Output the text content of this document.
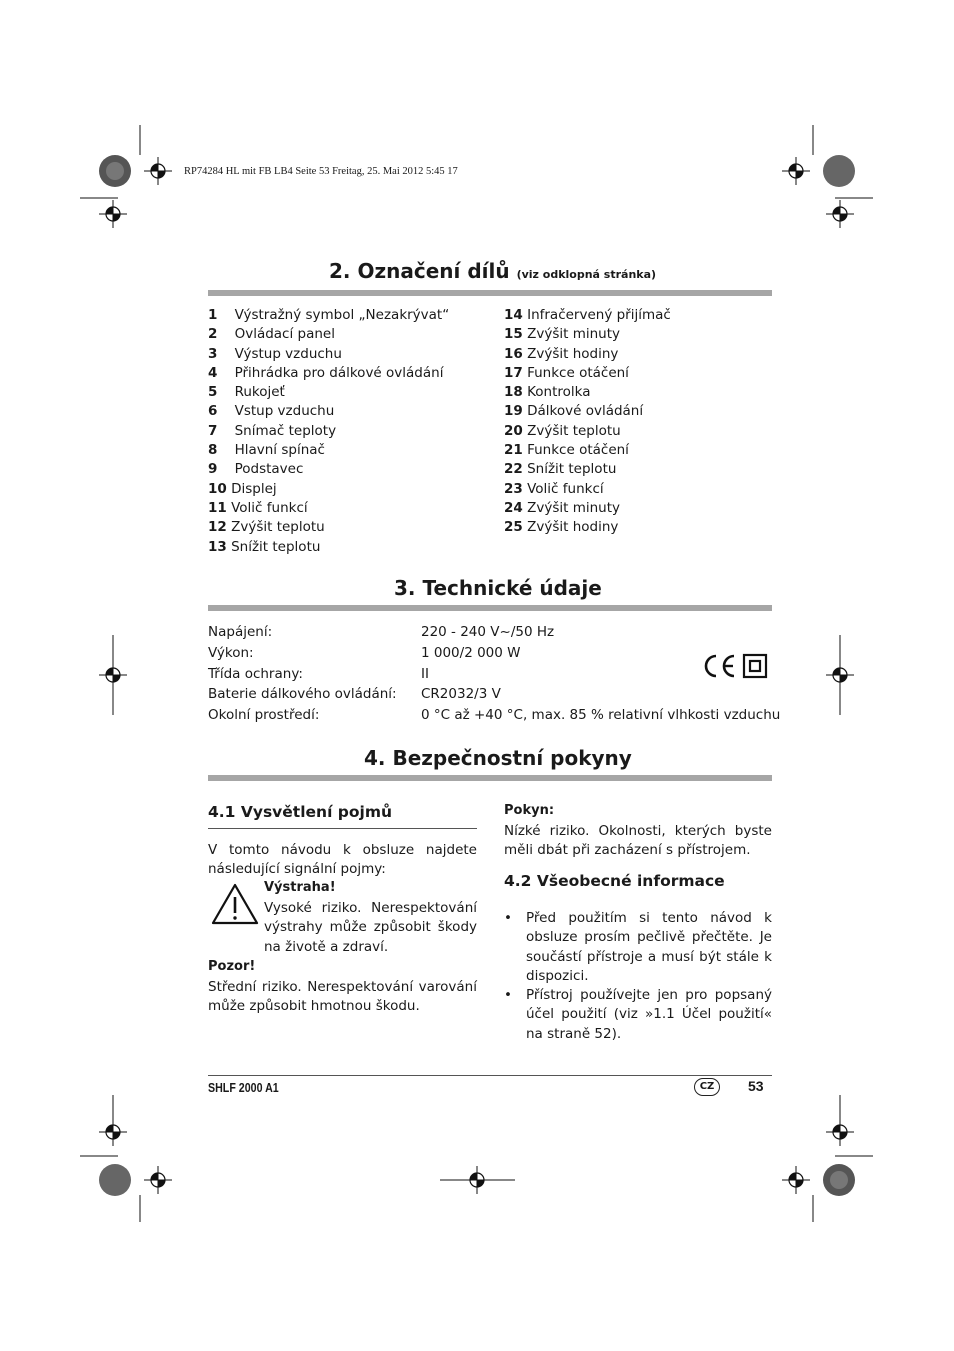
RP74284 HL mit FB LB4 Seite 53 Freitag, 25. Mai 2012 5:45 17
2. Označení dílů (viz odklopná stránka)
1 Výstražný symbol „Nezakrývat“
2 Ovládací panel
3 Výstup vzduchu
4 Přihrádka pro dálkové ovládání
5 Rukojeť
6 Vstup vzduchu
7 Snímač teploty
8 Hlavní spínač
9 Podstavec
10 Displej
11 Volič funkcí
12 Zvýšit teplotu
13 Snížit teplotu
14 Infračervený přijímač
15 Zvýšit minuty
16 Zvýšit hodiny
17 Funkce otáčení
18 Kontrolka
19 Dálkové ovládání
20 Zvýšit teplotu
21 Funkce otáčení
22 Snížit teplotu
23 Volič funkcí
24 Zvýšit minuty
25 Zvýšit hodiny
3. Technické údaje
Napájení:	220 - 240 V~/50 Hz
Výkon:	1 000/2 000 W
Třída ochrany:	II
Baterie dálkového ovládání: CR2032/3 V
Okolní prostředí:	0 °C až +40 °C, max. 85 % relativní vlhkosti vzduchu
4. Bezpečnostní pokyny
4.1 Vysvětlení pojmů
V tomto návodu k obsluze najdete následující signální pojmy:
Výstraha!
Vysoké riziko. Nerespektování výstrahy může způsobit škody na životě a zdraví.
Pozor!
Střední riziko. Nerespektování varování může způsobit hmotnou škodu.
Pokyn:
Nízké riziko. Okolnosti, kterých byste měli dbát při zacházení s přístrojem.
4.2 Všeobecné informace
• Před použitím si tento návod k obsluze prosím pečlivě přečtěte. Je součástí přístroje a musí být stále k dispozici.
• Přístroj používejte jen pro popsaný účel použití (viz »1.1 Účel použití« na straně 52).
SHLF 2000 A1	CZ	53
